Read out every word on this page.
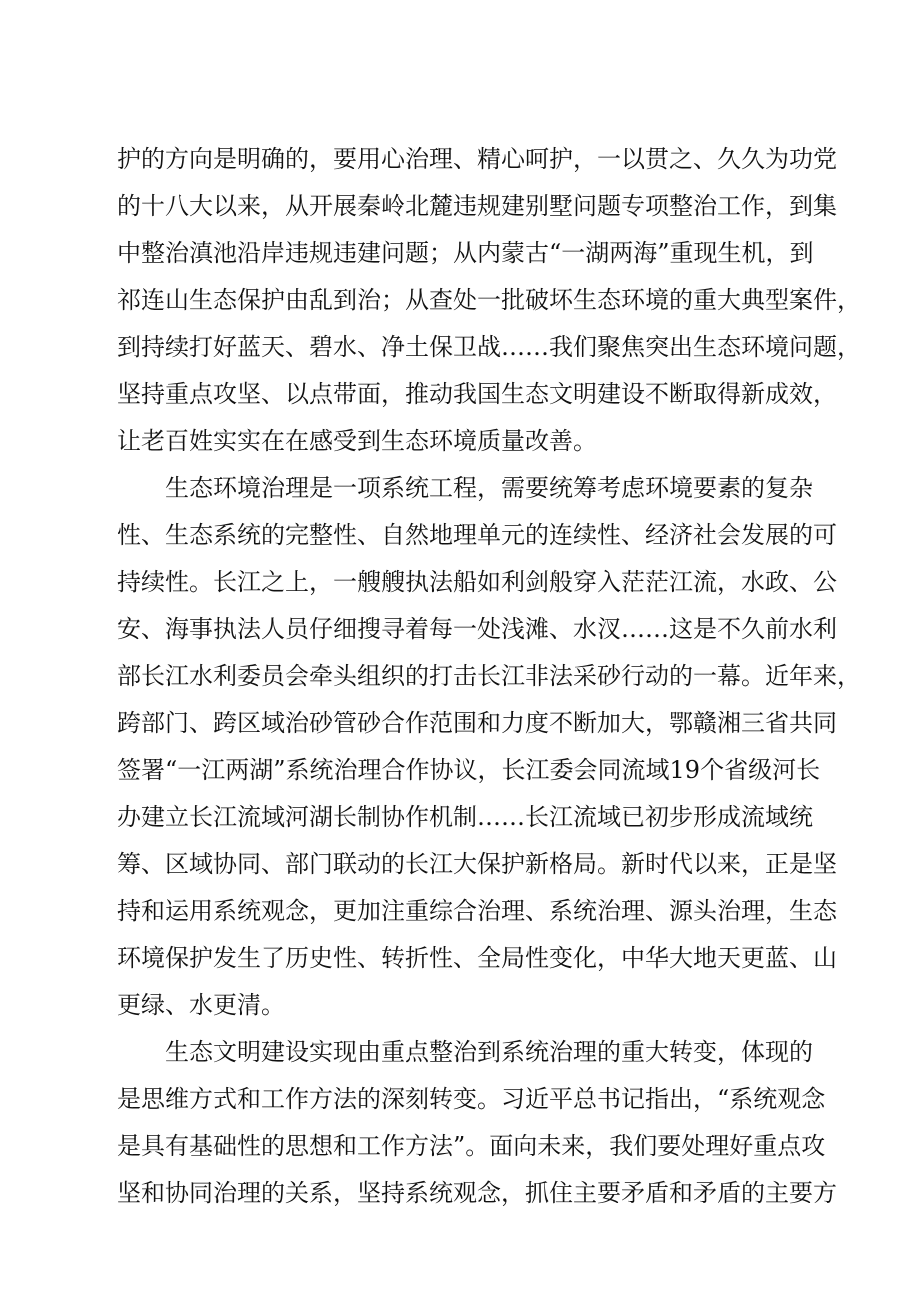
护的方向是明确的，要用心治理、精心呵护，一以贯之、久久为功党
的十八大以来，从开展秦岭北麓违规建别墅问题专项整治工作，到集
中整治滇池沿岸违规违建问题；从内蒙古“一湖两海”重现生机，到
祁连山生态保护由乱到治；从查处一批破坏生态环境的重大典型案件，
到持续打好蓝天、碧水、净土保卫战……我们聚焦突出生态环境问题，
坚持重点攻坚、以点带面，推动我国生态文明建设不断取得新成效，
让老百姓实实在在感受到生态环境质量改善。
生态环境治理是一项系统工程，需要统筹考虑环境要素的复杂
性、生态系统的完整性、自然地理单元的连续性、经济社会发展的可
持续性。长江之上，一艘艘执法船如利剑般穿入茫茫江流，水政、公
安、海事执法人员仔细搜寻着每一处浅滩、水汊……这是不久前水利
部长江水利委员会牵头组织的打击长江非法采砂行动的一幕。近年来，
跨部门、跨区域治砂管砂合作范围和力度不断加大，鄂赣湘三省共同
签署“一江两湖”系统治理合作协议，长江委会同流域19个省级河长
办建立长江流域河湖长制协作机制……长江流域已初步形成流域统
筹、区域协同、部门联动的长江大保护新格局。新时代以来，正是坚
持和运用系统观念，更加注重综合治理、系统治理、源头治理，生态
环境保护发生了历史性、转折性、全局性变化，中华大地天更蓝、山
更绿、水更清。
生态文明建设实现由重点整治到系统治理的重大转变，体现的
是思维方式和工作方法的深刻转变。习近平总书记指出，“系统观念
是具有基础性的思想和工作方法”。面向未来，我们要处理好重点攻
坚和协同治理的关系，坚持系统观念，抓住主要矛盾和矛盾的主要方
